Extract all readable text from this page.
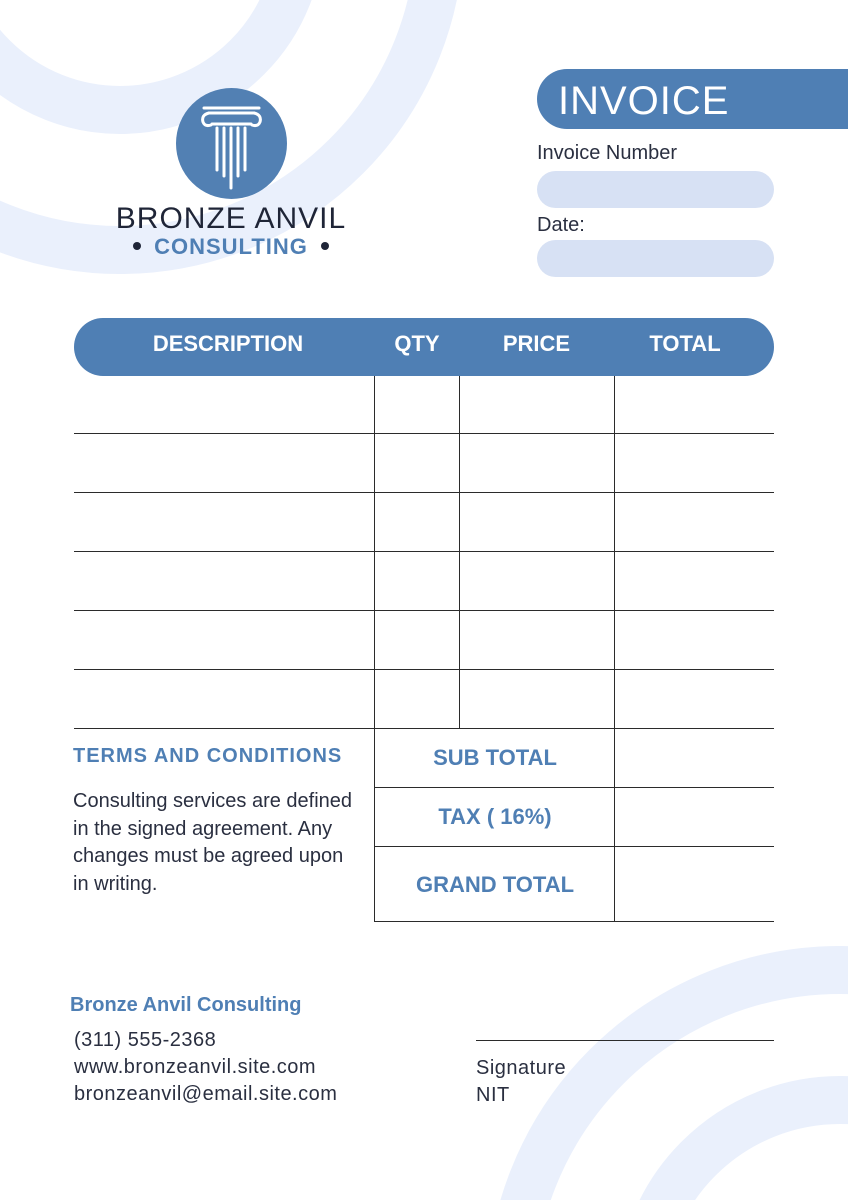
BRONZE ANVIL
CONSULTING
INVOICE
Invoice Number
Date:
DESCRIPTION	QTY	PRICE	TOTAL
SUB TOTAL
TAX ( 16%)
GRAND TOTAL
TERMS AND CONDITIONS
Consulting services are defined in the signed agreement. Any changes must be agreed upon in writing.
Bronze Anvil Consulting
(311) 555-2368
www.bronzeanvil.site.com
bronzeanvil@email.site.com
Signature
NIT
